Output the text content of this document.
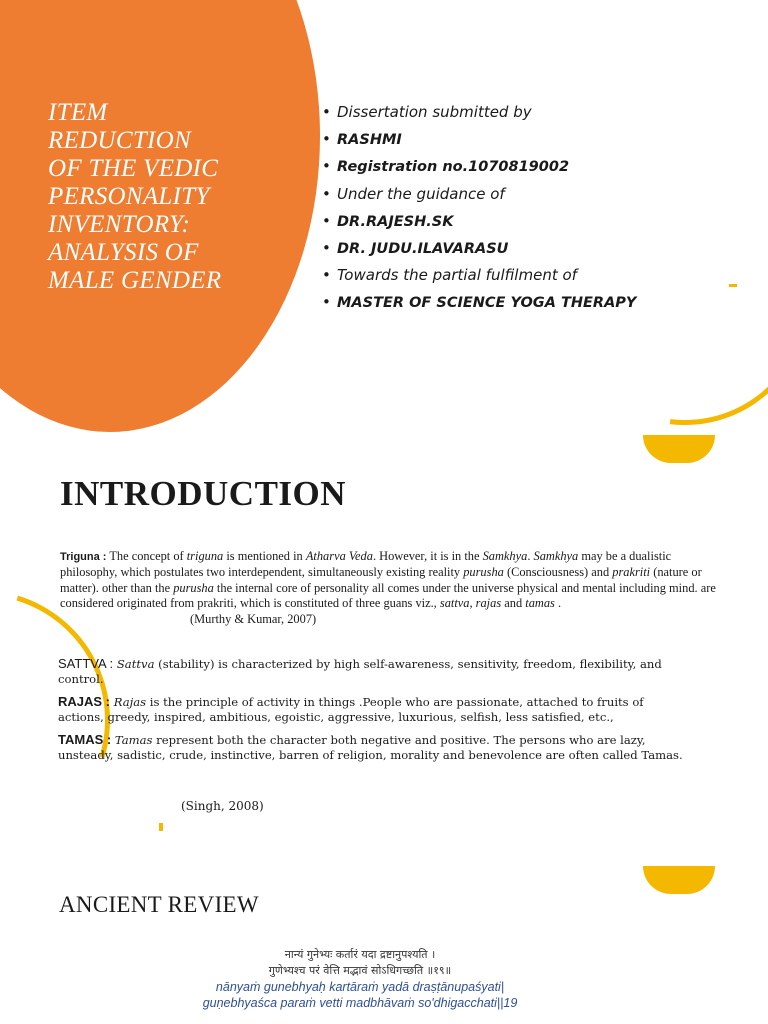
ITEM
REDUCTION
OF THE VEDIC
PERSONALITY
INVENTORY:
ANALYSIS OF
MALE GENDER
• Dissertation submitted by
• RASHMI
• Registration no.1070819002
• Under the guidance of
• DR.RAJESH.SK
• DR. JUDU.ILAVARASU
• Towards the partial fulfilment of
• MASTER OF SCIENCE YOGA THERAPY
INTRODUCTION

Triguna : The concept of triguna is mentioned in Atharva Veda. However, it is in the Samkhya. Samkhya may be a dualistic philosophy, which postulates two interdependent, simultaneously existing reality purusha (Consciousness) and prakriti (nature or matter). other than the purusha the internal core of personality all comes under the universe physical and mental including mind. are considered originated from prakriti, which is constituted of three guans viz., sattva, rajas and tamas .(Murthy & Kumar, 2007)

SATTVA : Sattva (stability) is characterized by high self-awareness, sensitivity, freedom, flexibility, and control.

RAJAS : Rajas is the principle of activity in things .People who are passionate, attached to fruits of actions, greedy, inspired, ambitious, egoistic, aggressive, luxurious, selfish, less satisfied, etc.,

TAMAS : Tamas represent both the character both negative and positive. The persons who are lazy, unsteady, sadistic, crude, instinctive, barren of religion, morality and benevolence are often called Tamas.

(Singh, 2008)

ANCIENT REVIEW
नान्यं गुनेभ्यः कर्तारं यदा द्रष्टानुपश्यति ।
गुणेभ्यश्च परं वेत्ति मद्भावं सोऽधिगच्छति ॥१९॥
nānyaṁ gunebhyaḥ kartāraṁ yadā draṣṭānupaśyati|
guṇebhyaśca paraṁ vetti madbhāvaṁ so'dhigacchati||19
